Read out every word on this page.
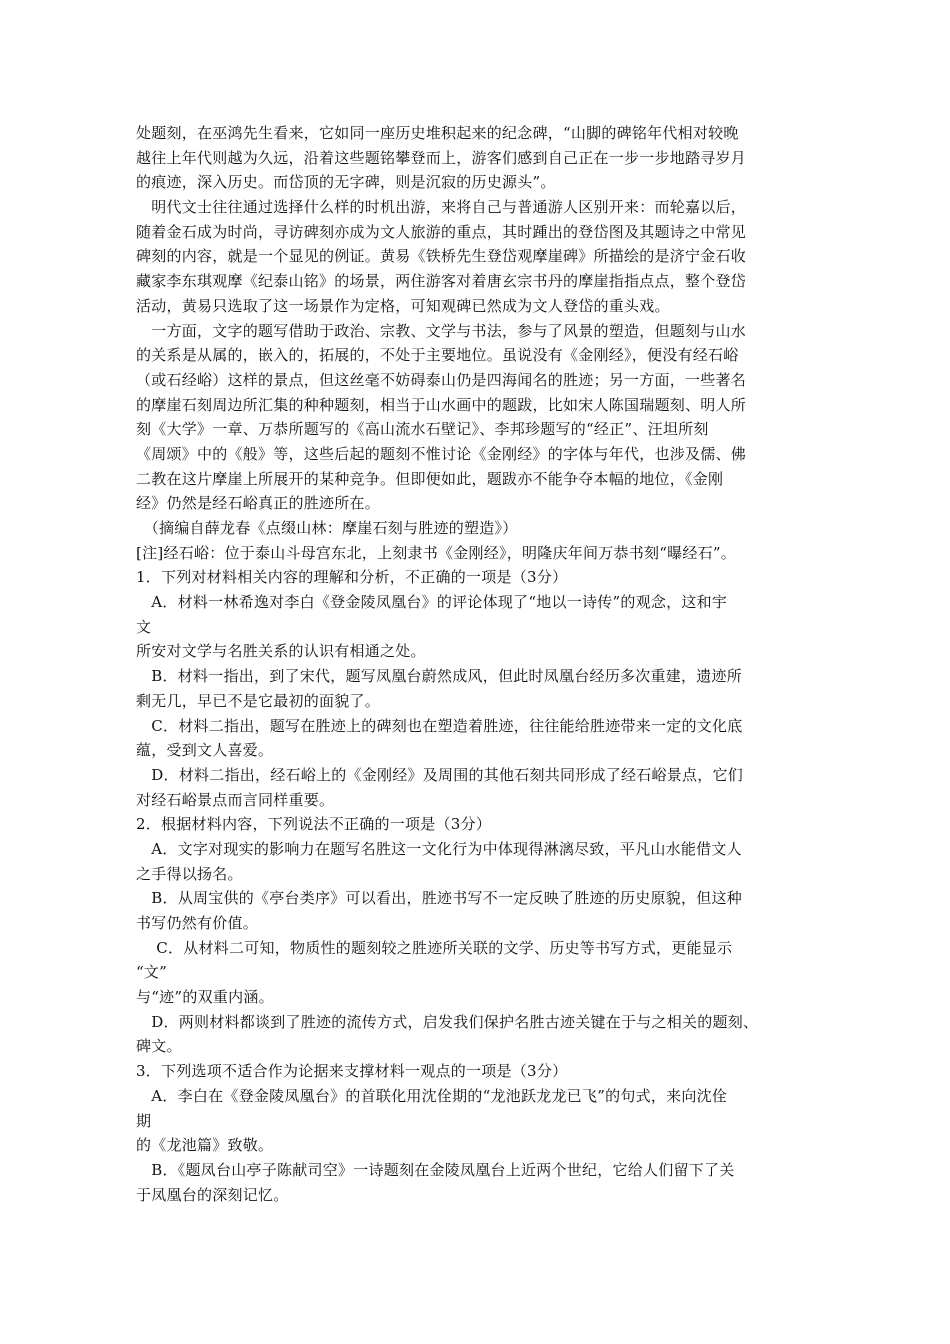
处题刻，在巫鸿先生看来，它如同一座历史堆积起来的纪念碑，“山脚的碑铭年代相对较晚
越往上年代则越为久远，沿着这些题铭攀登而上，游客们感到自己正在一步一步地踏寻岁月
的痕迹，深入历史。而岱顶的无字碑，则是沉寂的历史源头”。
　明代文士往往通过选择什么样的时机出游，来将自己与普通游人区别开来：而轮嘉以后，
随着金石成为时尚，寻访碑刻亦成为文人旅游的重点，其时踵出的登岱图及其题诗之中常见
碑刻的内容，就是一个显见的例证。黄易《铁桥先生登岱观摩崖碑》所描绘的是济宁金石收
藏家李东琪观摩《纪泰山铭》的场景，两住游客对着唐玄宗书丹的摩崖指指点点，整个登岱
活动，黄易只选取了这一场景作为定格，可知观碑已然成为文人登岱的重头戏。
　一方面，文字的题写借助于政治、宗教、文学与书法，参与了风景的塑造，但题刻与山水
的关系是从属的，嵌入的，拓展的，不处于主要地位。虽说没有《金刚经》，便没有经石峪
（或石经峪）这样的景点，但这丝毫不妨碍泰山仍是四海闻名的胜迹；另一方面，一些著名
的摩崖石刻周边所汇集的种种题刻，相当于山水画中的题跋，比如宋人陈国瑞题刻、明人所
刻《大学》一章、万恭所题写的《高山流水石壁记》、李邦珍题写的“经正”、汪坦所刻
《周颂》中的《般》等，这些后起的题刻不惟讨论《金刚经》的字体与年代，也涉及儒、佛
二教在这片摩崖上所展开的某种竞争。但即便如此，题跋亦不能争夺本幅的地位，《金刚
经》仍然是经石峪真正的胜迹所在。
　（摘编自薛龙春《点缀山林：摩崖石刻与胜迹的塑造》）
[注]经石峪：位于泰山斗母宫东北，上刻隶书《金刚经》，明隆庆年间万恭书刻“曝经石”。
1．下列对材料相关内容的理解和分析，不正确的一项是（3分）
　A．材料一林希逸对李白《登金陵凤凰台》的评论体现了“地以一诗传”的观念，这和宇
文
所安对文学与名胜关系的认识有相通之处。
　B．材料一指出，到了宋代，题写凤凰台蔚然成风，但此时凤凰台经历多次重建，遗迹所
剩无几，早已不是它最初的面貌了。
　C．材料二指出，题写在胜迹上的碑刻也在塑造着胜迹，往往能给胜迹带来一定的文化底
蕴，受到文人喜爱。
　D．材料二指出，经石峪上的《金刚经》及周围的其他石刻共同形成了经石峪景点，它们
对经石峪景点而言同样重要。
2．根据材料内容，下列说法不正确的一项是（3分）
　A．文字对现实的影响力在题写名胜这一文化行为中体现得淋漓尽致，平凡山水能借文人
之手得以扬名。
　B．从周宝供的《亭台类序》可以看出，胜迹书写不一定反映了胜迹的历史原貌，但这种
书写仍然有价值。
　 C．从材料二可知，物质性的题刻较之胜迹所关联的文学、历史等书写方式，更能显示
“文”
与“迹”的双重内涵。
　D．两则材料都谈到了胜迹的流传方式，启发我们保护名胜古迹关键在于与之相关的题刻、
碑文。
3．下列选项不适合作为论据来支撑材料一观点的一项是（3分）
　A．李白在《登金陵凤凰台》的首联化用沈佺期的“龙池跃龙龙已飞”的句式，来向沈佺
期
的《龙池篇》致敬。
　B．《题凤台山亭子陈献司空》一诗题刻在金陵凤凰台上近两个世纪，它给人们留下了关
于凤凰台的深刻记忆。
